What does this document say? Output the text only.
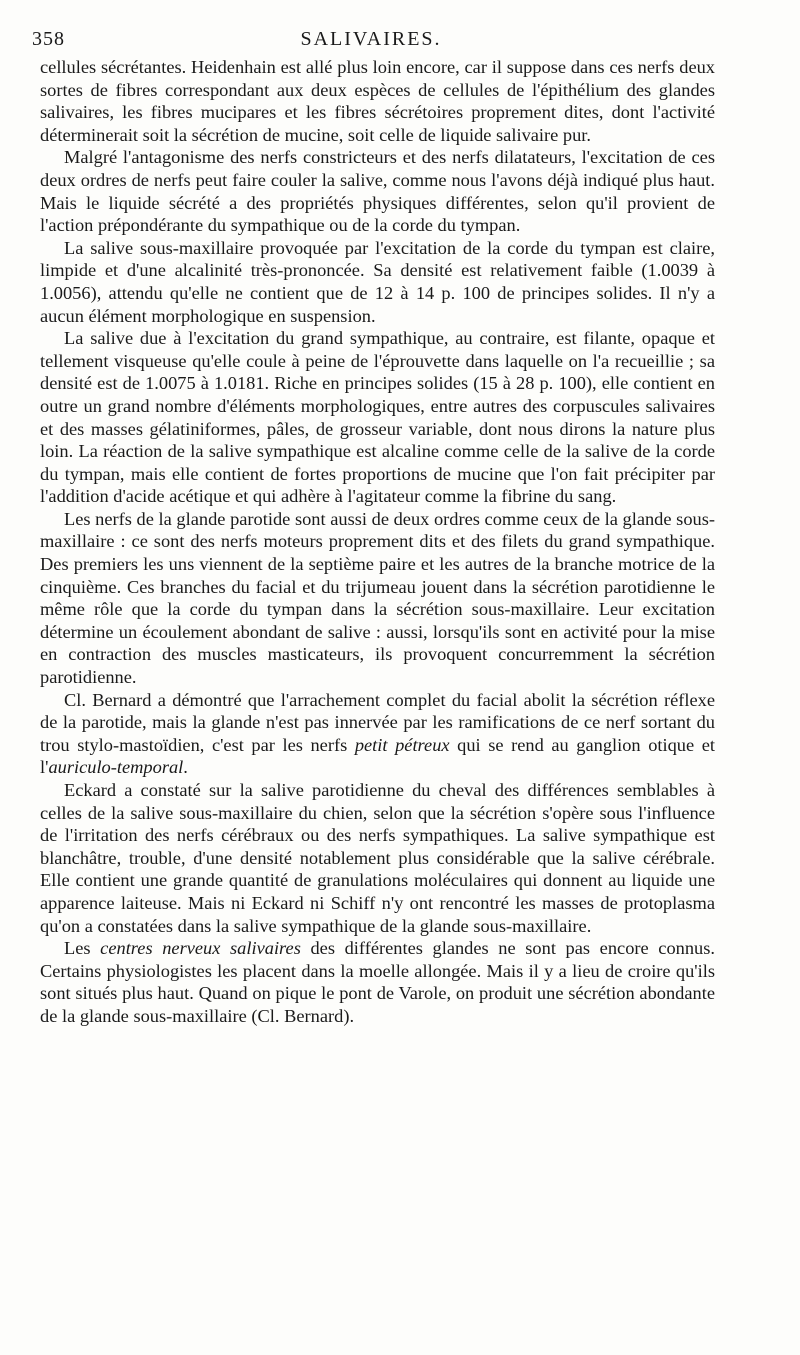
358	SALIVAIRES.

cellules sécrétantes. Heidenhain est allé plus loin encore, car il suppose dans ces nerfs deux sortes de fibres correspondant aux deux espèces de cellules de l'épithélium des glandes salivaires, les fibres mucipares et les fibres sécrétoires proprement dites, dont l'activité déterminerait soit la sécrétion de mucine, soit celle de liquide salivaire pur.

Malgré l'antagonisme des nerfs constricteurs et des nerfs dilatateurs, l'excitation de ces deux ordres de nerfs peut faire couler la salive, comme nous l'avons déjà indiqué plus haut. Mais le liquide sécrété a des propriétés physiques différentes, selon qu'il provient de l'action prépondérante du sympathique ou de la corde du tympan.

La salive sous-maxillaire provoquée par l'excitation de la corde du tympan est claire, limpide et d'une alcalinité très-prononcée. Sa densité est relativement faible (1.0039 à 1.0056), attendu qu'elle ne contient que de 12 à 14 p. 100 de principes solides. Il n'y a aucun élément morphologique en suspension.

La salive due à l'excitation du grand sympathique, au contraire, est filante, opaque et tellement visqueuse qu'elle coule à peine de l'éprouvette dans laquelle on l'a recueillie ; sa densité est de 1.0075 à 1.0181. Riche en principes solides (15 à 28 p. 100), elle contient en outre un grand nombre d'éléments morphologiques, entre autres des corpuscules salivaires et des masses gélatiniformes, pâles, de grosseur variable, dont nous dirons la nature plus loin. La réaction de la salive sympathique est alcaline comme celle de la salive de la corde du tympan, mais elle contient de fortes proportions de mucine que l'on fait précipiter par l'addition d'acide acétique et qui adhère à l'agitateur comme la fibrine du sang.

Les nerfs de la glande parotide sont aussi de deux ordres comme ceux de la glande sous-maxillaire : ce sont des nerfs moteurs proprement dits et des filets du grand sympathique. Des premiers les uns viennent de la septième paire et les autres de la branche motrice de la cinquième. Ces branches du facial et du trijumeau jouent dans la sécrétion parotidienne le même rôle que la corde du tympan dans la sécrétion sous-maxillaire. Leur excitation détermine un écoulement abondant de salive : aussi, lorsqu'ils sont en activité pour la mise en contraction des muscles masticateurs, ils provoquent concurremment la sécrétion parotidienne.

Cl. Bernard a démontré que l'arrachement complet du facial abolit la sécrétion réflexe de la parotide, mais la glande n'est pas innervée par les ramifications de ce nerf sortant du trou stylo-mastoïdien, c'est par les nerfs petit pétreux qui se rend au ganglion otique et l'auriculo-temporal.

Eckard a constaté sur la salive parotidienne du cheval des différences semblables à celles de la salive sous-maxillaire du chien, selon que la sécrétion s'opère sous l'influence de l'irritation des nerfs cérébraux ou des nerfs sympathiques. La salive sympathique est blanchâtre, trouble, d'une densité notablement plus considérable que la salive cérébrale. Elle contient une grande quantité de granulations moléculaires qui donnent au liquide une apparence laiteuse. Mais ni Eckard ni Schiff n'y ont rencontré les masses de protoplasma qu'on a constatées dans la salive sympathique de la glande sous-maxillaire.

Les centres nerveux salivaires des différentes glandes ne sont pas encore connus. Certains physiologistes les placent dans la moelle allongée. Mais il y a lieu de croire qu'ils sont situés plus haut. Quand on pique le pont de Varole, on produit une sécrétion abondante de la glande sous-maxillaire (Cl. Bernard).
